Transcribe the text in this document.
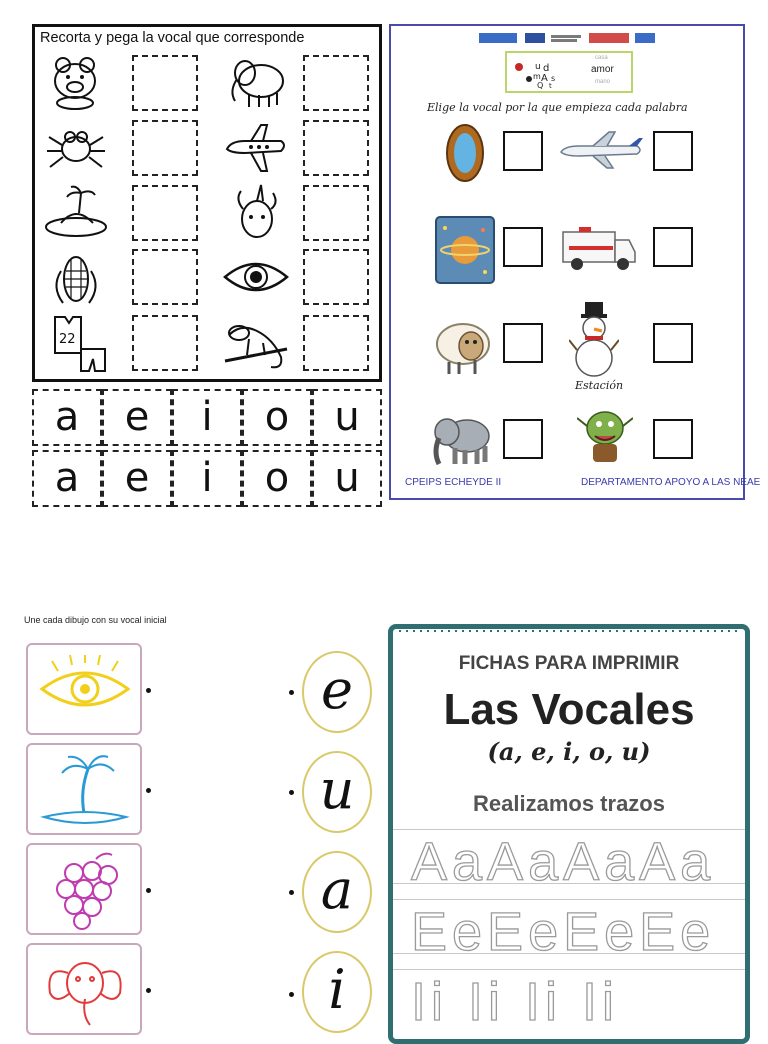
Recorta y pega la vocal que corresponde
22
a	e	i	o	u
a	e	i	o	u
u d
m A s
Q t
casa
amor
mano
Elige la vocal por la que empieza cada palabra
Estación
CPEIPS ECHEYDE II	DEPARTAMENTO APOYO A LAS NEAE
Une cada dibujo con su vocal inicial
e
u
a
i
FICHAS PARA IMPRIMIR
Las Vocales
(a, e, i, o, u)
Realizamos trazos
AaAaAaAa
EeEeEeEe
Ii Ii Ii Ii
